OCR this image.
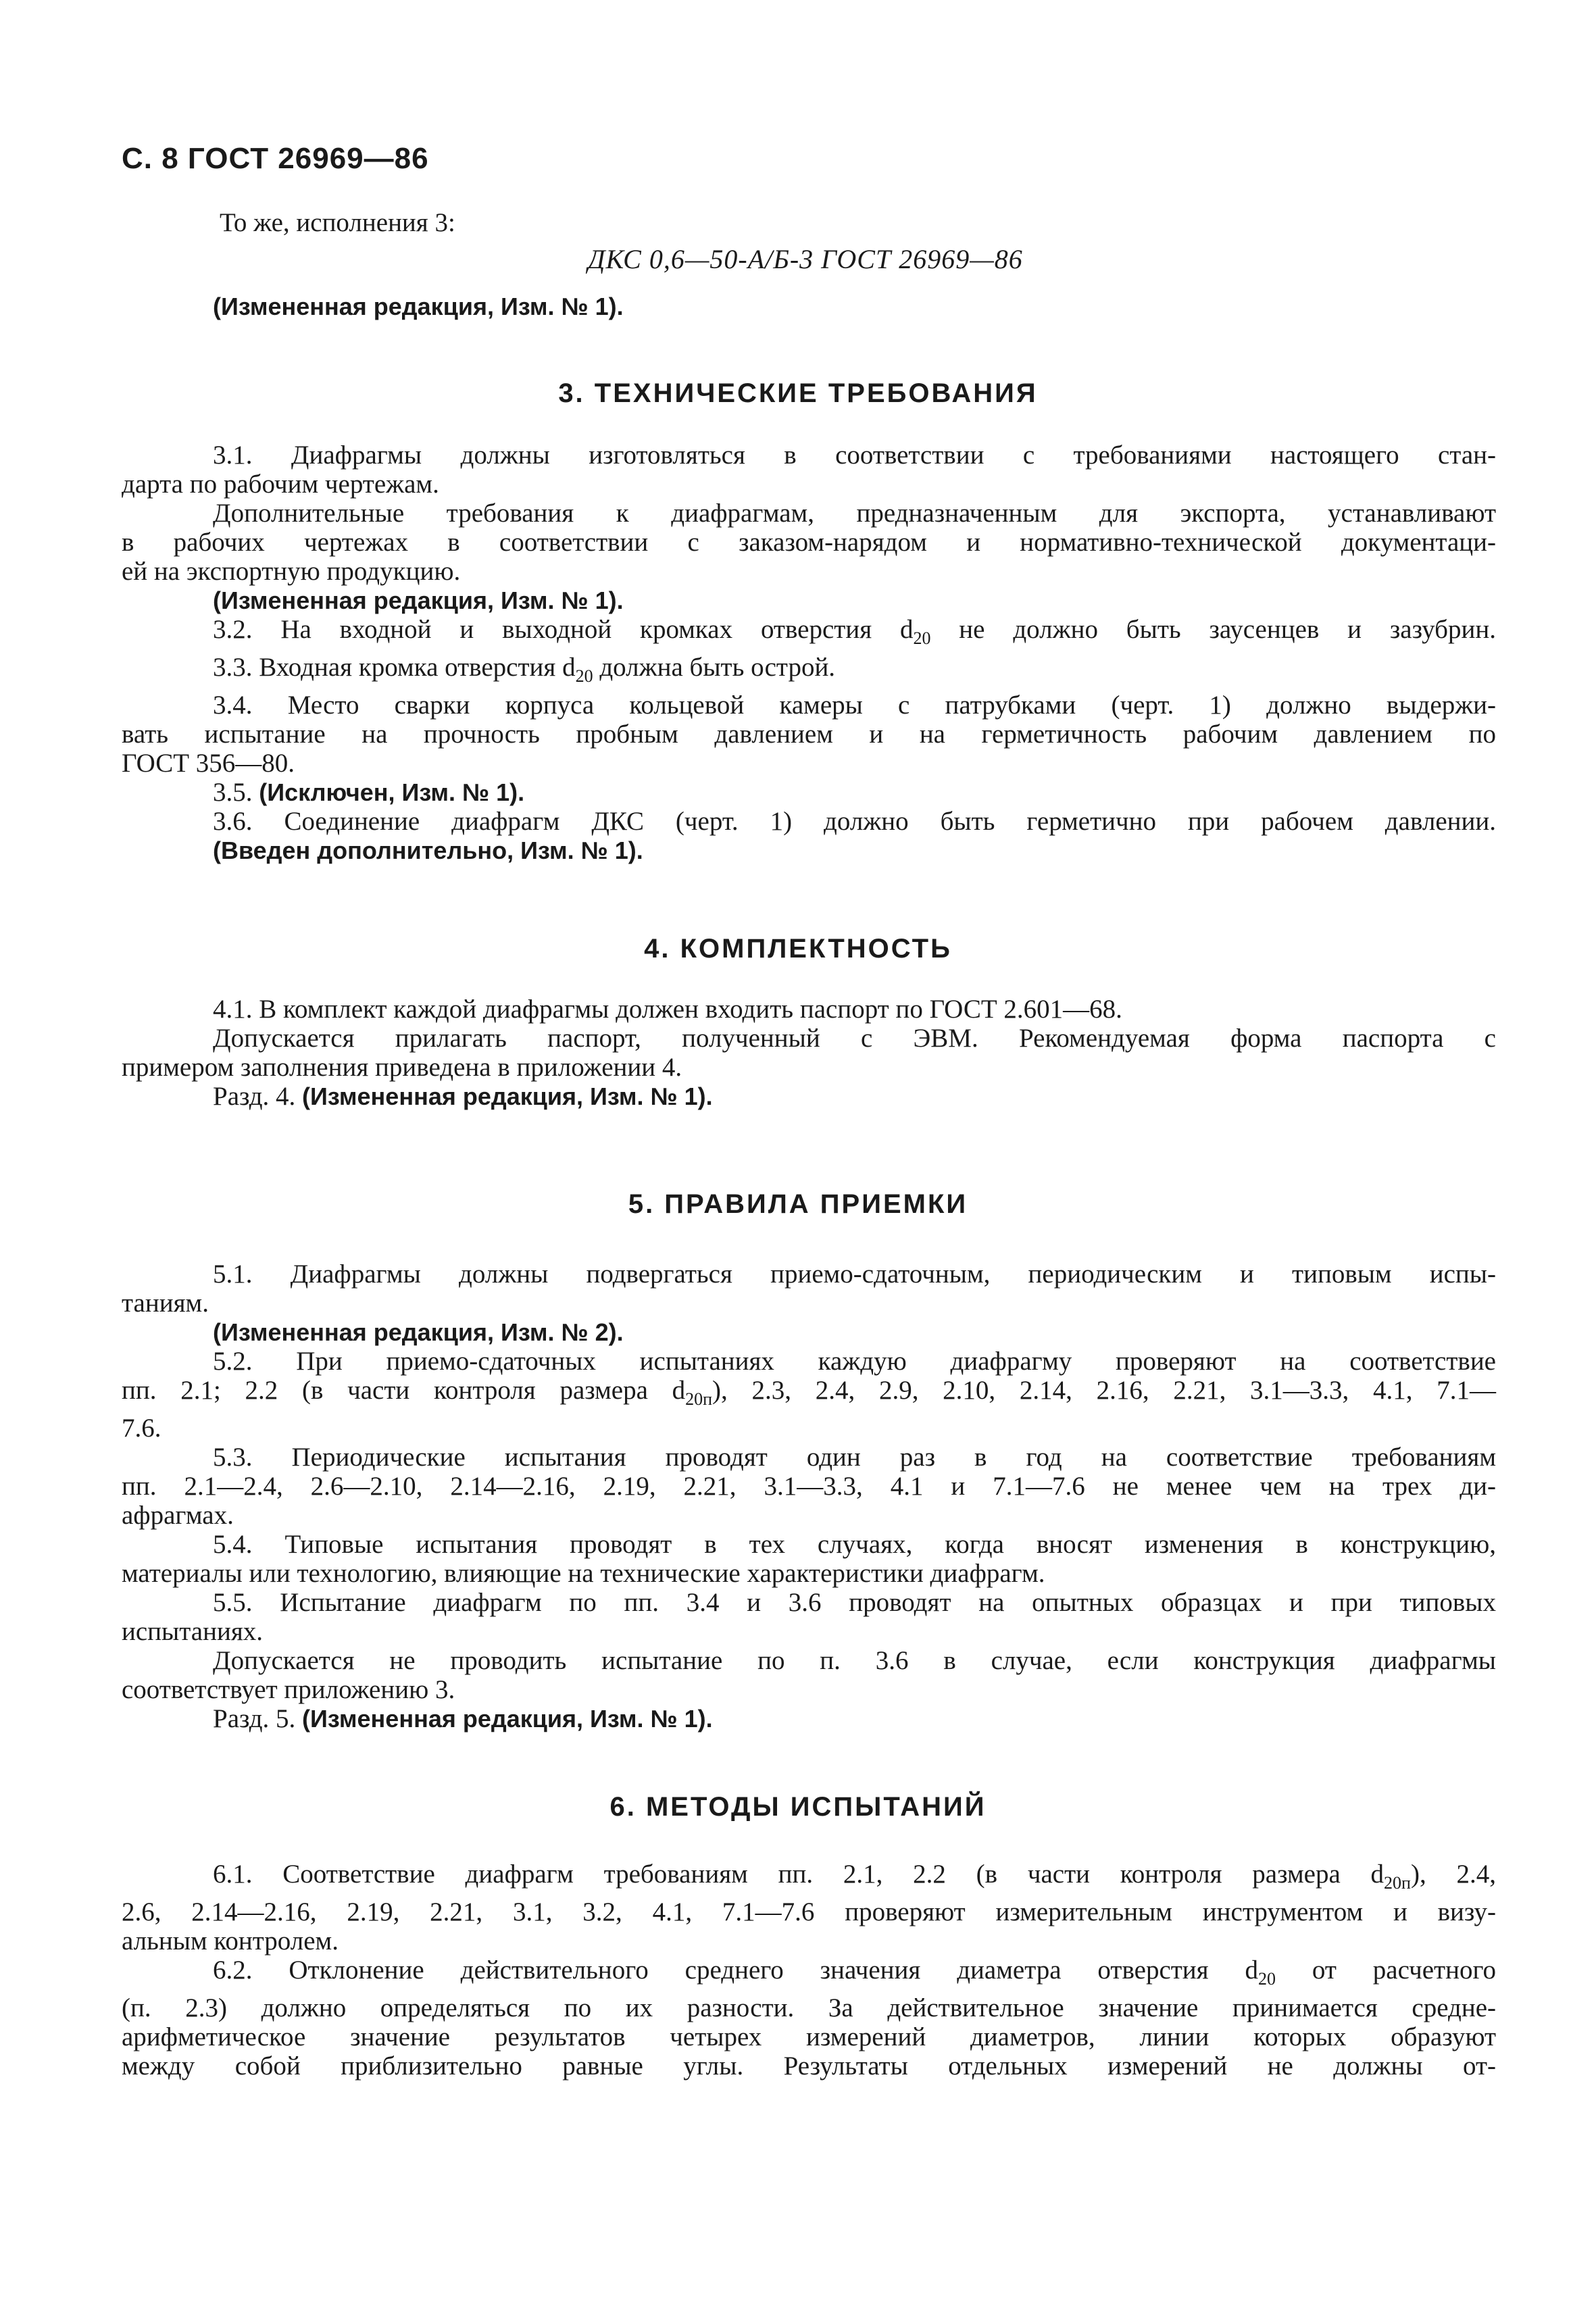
С. 8 ГОСТ 26969—86

То же, исполнения 3:

ДКС 0,6—50-А/Б-3 ГОСТ 26969—86

(Измененная редакция, Изм. № 1).

3. ТЕХНИЧЕСКИЕ ТРЕБОВАНИЯ

3.1. Диафрагмы должны изготовляться в соответствии с требованиями настоящего стан-

дарта по рабочим чертежам.

Дополнительные требования к диафрагмам, предназначенным для экспорта, устанавливают

в рабочих чертежах в соответствии с заказом-нарядом и нормативно-технической документаци-

ей на экспортную продукцию.

(Измененная редакция, Изм. № 1).

3.2. На входной и выходной кромках отверстия $d_{20}$ не должно быть заусенцев и зазубрин.

3.3. Входная кромка отверстия $d_{20}$ должна быть острой.

3.4. Место сварки корпуса кольцевой камеры с патрубками (черт. 1) должно выдержи-

вать испытание на прочность пробным давлением и на герметичность рабочим давлением по

ГОСТ 356—80.

3.5. (Исключен, Изм. № 1).

3.6. Соединение диафрагм ДКС (черт. 1) должно быть герметично при рабочем давлении.

(Введен дополнительно, Изм. № 1).

4. КОМПЛЕКТНОСТЬ

4.1. В комплект каждой диафрагмы должен входить паспорт по ГОСТ 2.601—68.

Допускается прилагать паспорт, полученный с ЭВМ. Рекомендуемая форма паспорта с

примером заполнения приведена в приложении 4.

Разд. 4. (Измененная редакция, Изм. № 1).

5. ПРАВИЛА ПРИЕМКИ

5.1. Диафрагмы должны подвергаться приемо-сдаточным, периодическим и типовым испы-

таниям.

(Измененная редакция, Изм. № 2).

5.2. При приемо-сдаточных испытаниях каждую диафрагму проверяют на соответствие

пп. 2.1; 2.2 (в части контроля размера $d_{20п}$), 2.3, 2.4, 2.9, 2.10, 2.14, 2.16, 2.21, 3.1—3.3, 4.1, 7.1—

7.6.

5.3. Периодические испытания проводят один раз в год на соответствие требованиям

пп. 2.1—2.4, 2.6—2.10, 2.14—2.16, 2.19, 2.21, 3.1—3.3, 4.1 и 7.1—7.6 не менее чем на трех ди-

афрагмах.

5.4. Типовые испытания проводят в тех случаях, когда вносят изменения в конструкцию,

материалы или технологию, влияющие на технические характеристики диафрагм.

5.5. Испытание диафрагм по пп. 3.4 и 3.6 проводят на опытных образцах и при типовых

испытаниях.

Допускается не проводить испытание по п. 3.6 в случае, если конструкция диафрагмы

соответствует приложению 3.

Разд. 5. (Измененная редакция, Изм. № 1).

6. МЕТОДЫ ИСПЫТАНИЙ

6.1. Соответствие диафрагм требованиям пп. 2.1, 2.2 (в части контроля размера $d_{20п}$), 2.4,

2.6, 2.14—2.16, 2.19, 2.21, 3.1, 3.2, 4.1, 7.1—7.6 проверяют измерительным инструментом и визу-

альным контролем.

6.2. Отклонение действительного среднего значения диаметра отверстия $d_{20}$ от расчетного

(п. 2.3) должно определяться по их разности. За действительное значение принимается средне-

арифметическое значение результатов четырех измерений диаметров, линии которых образуют

между собой приблизительно равные углы. Результаты отдельных измерений не должны от-
